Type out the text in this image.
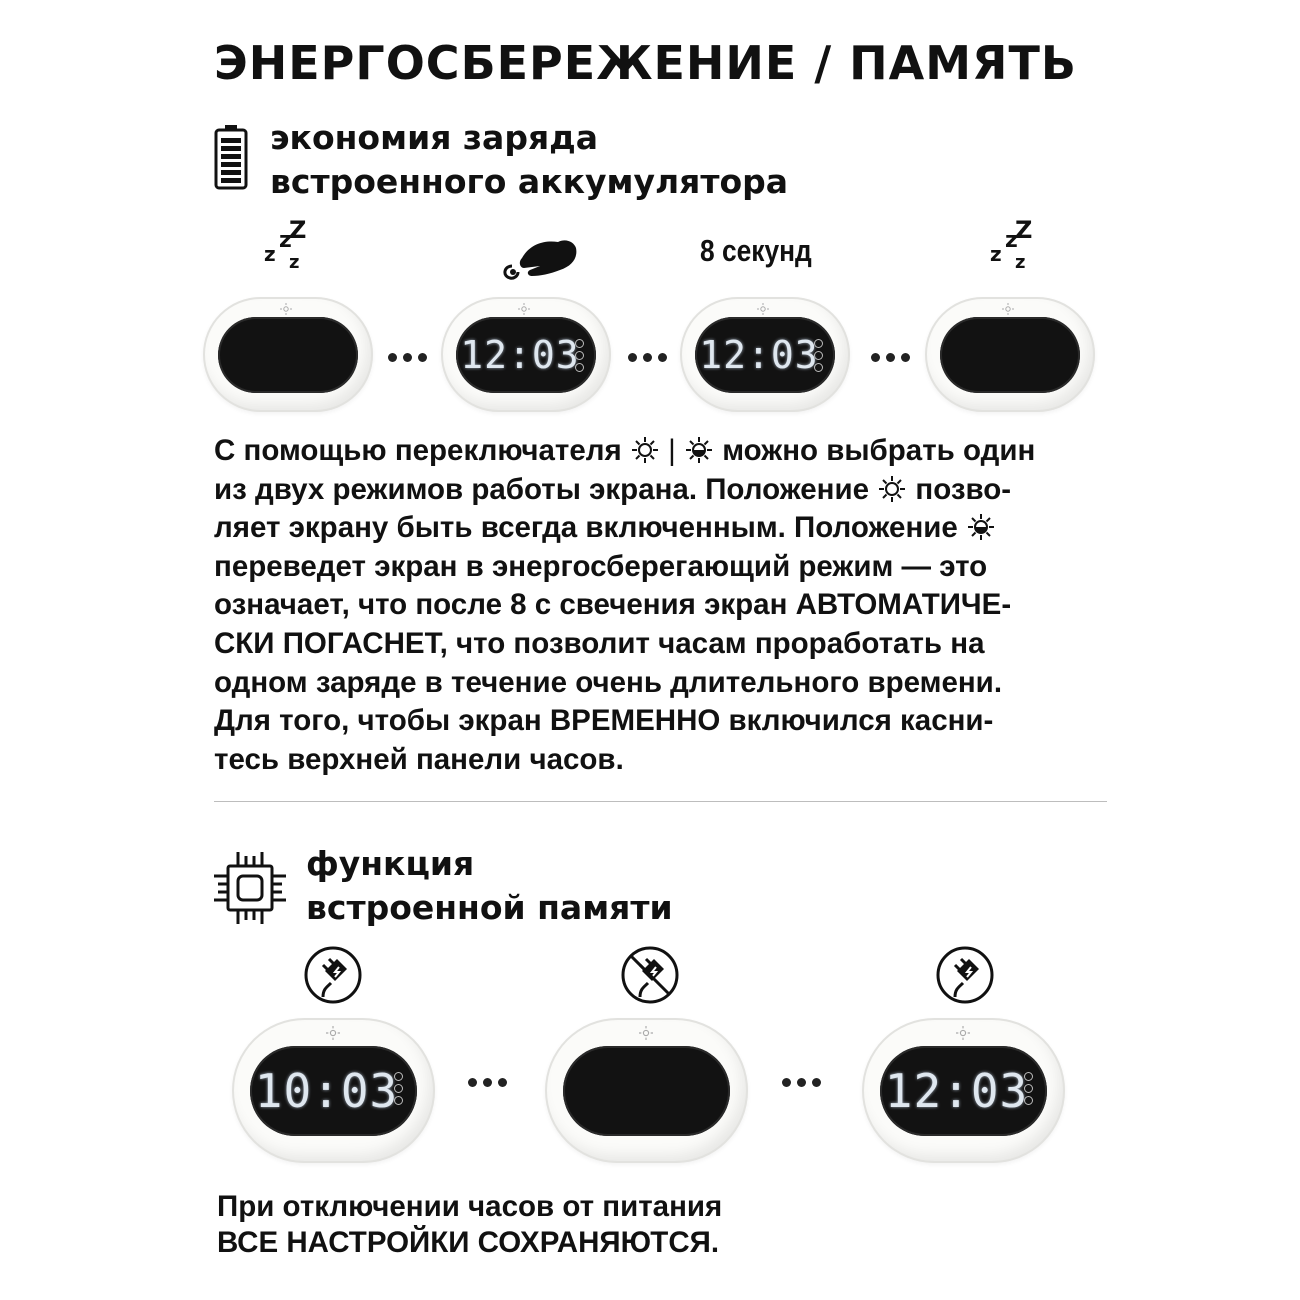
ЭНЕРГОСБЕРЕЖЕНИЕ / ПАМЯТЬ
экономия заряда
встроенного аккумулятора
z
z
Z
z	8 секунд	z
z
Z
z
12:03	12:03
С помощью переключателя  |  можно выбрать один
из двух режимов работы экрана. Положение  позво-
ляет экрану быть всегда включенным. Положение
переведет экран в энергосберегающий режим — это
означает, что после 8 с свечения экран АВТОМАТИЧЕ-
СКИ ПОГАСНЕТ, что позволит часам проработать на
одном заряде в течение очень длительного времени.
Для того, чтобы экран ВРЕМЕННО включился касни-
тесь верхней панели часов.
функция
встроенной памяти
10:03	12:03
При отключении часов от питания
ВСЕ НАСТРОЙКИ СОХРАНЯЮТСЯ.
